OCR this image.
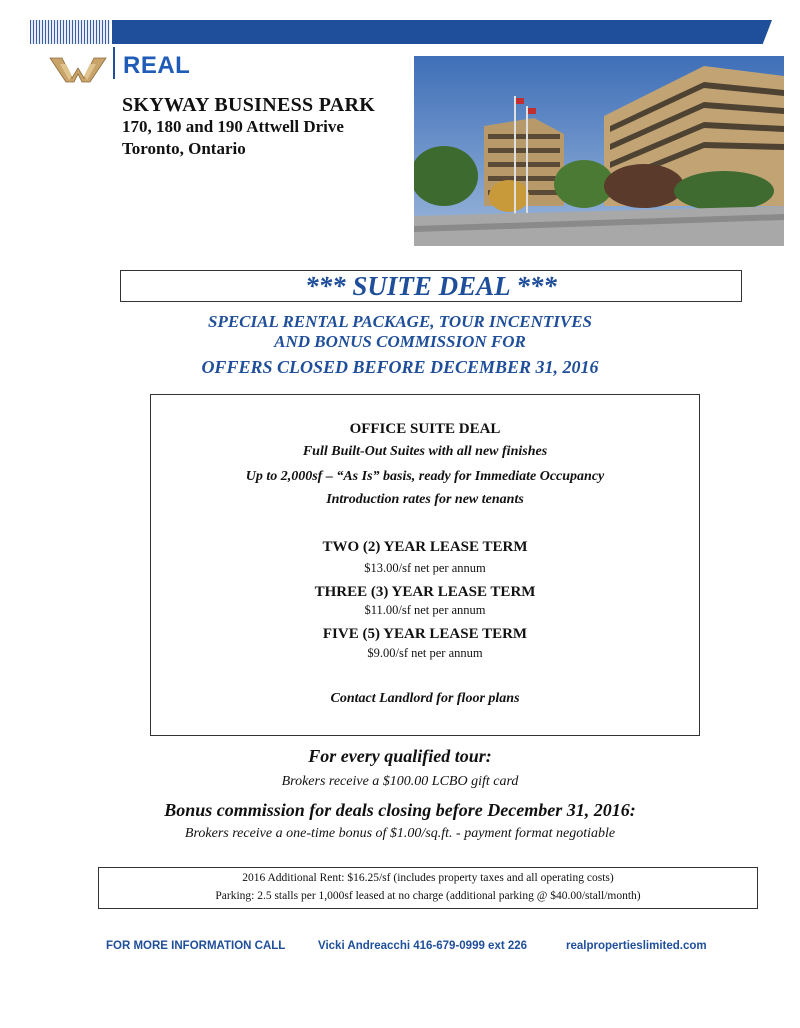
REAL
SKYWAY BUSINESS PARK
170, 180 and 190 Attwell Drive
Toronto, Ontario
*** SUITE DEAL ***
SPECIAL RENTAL PACKAGE, TOUR INCENTIVES
AND BONUS COMMISSION FOR
OFFERS CLOSED BEFORE DECEMBER 31, 2016
OFFICE SUITE DEAL
Full Built-Out Suites with all new finishes
Up to 2,000sf – “As Is” basis, ready for Immediate Occupancy
Introduction rates for new tenants
TWO (2) YEAR LEASE TERM
$13.00/sf net per annum
THREE (3) YEAR LEASE TERM
$11.00/sf net per annum
FIVE (5) YEAR LEASE TERM
$9.00/sf net per annum
Contact Landlord for floor plans
For every qualified tour:
Brokers receive a $100.00 LCBO gift card
Bonus commission for deals closing before December 31, 2016:
Brokers receive a one-time bonus of $1.00/sq.ft. - payment format negotiable
2016 Additional Rent: $16.25/sf (includes property taxes and all operating costs)
Parking: 2.5 stalls per 1,000sf leased at no charge (additional parking @ $40.00/stall/month)
FOR MORE INFORMATION CALL	Vicki Andreacchi 416-679-0999 ext 226	realpropertieslimited.com
